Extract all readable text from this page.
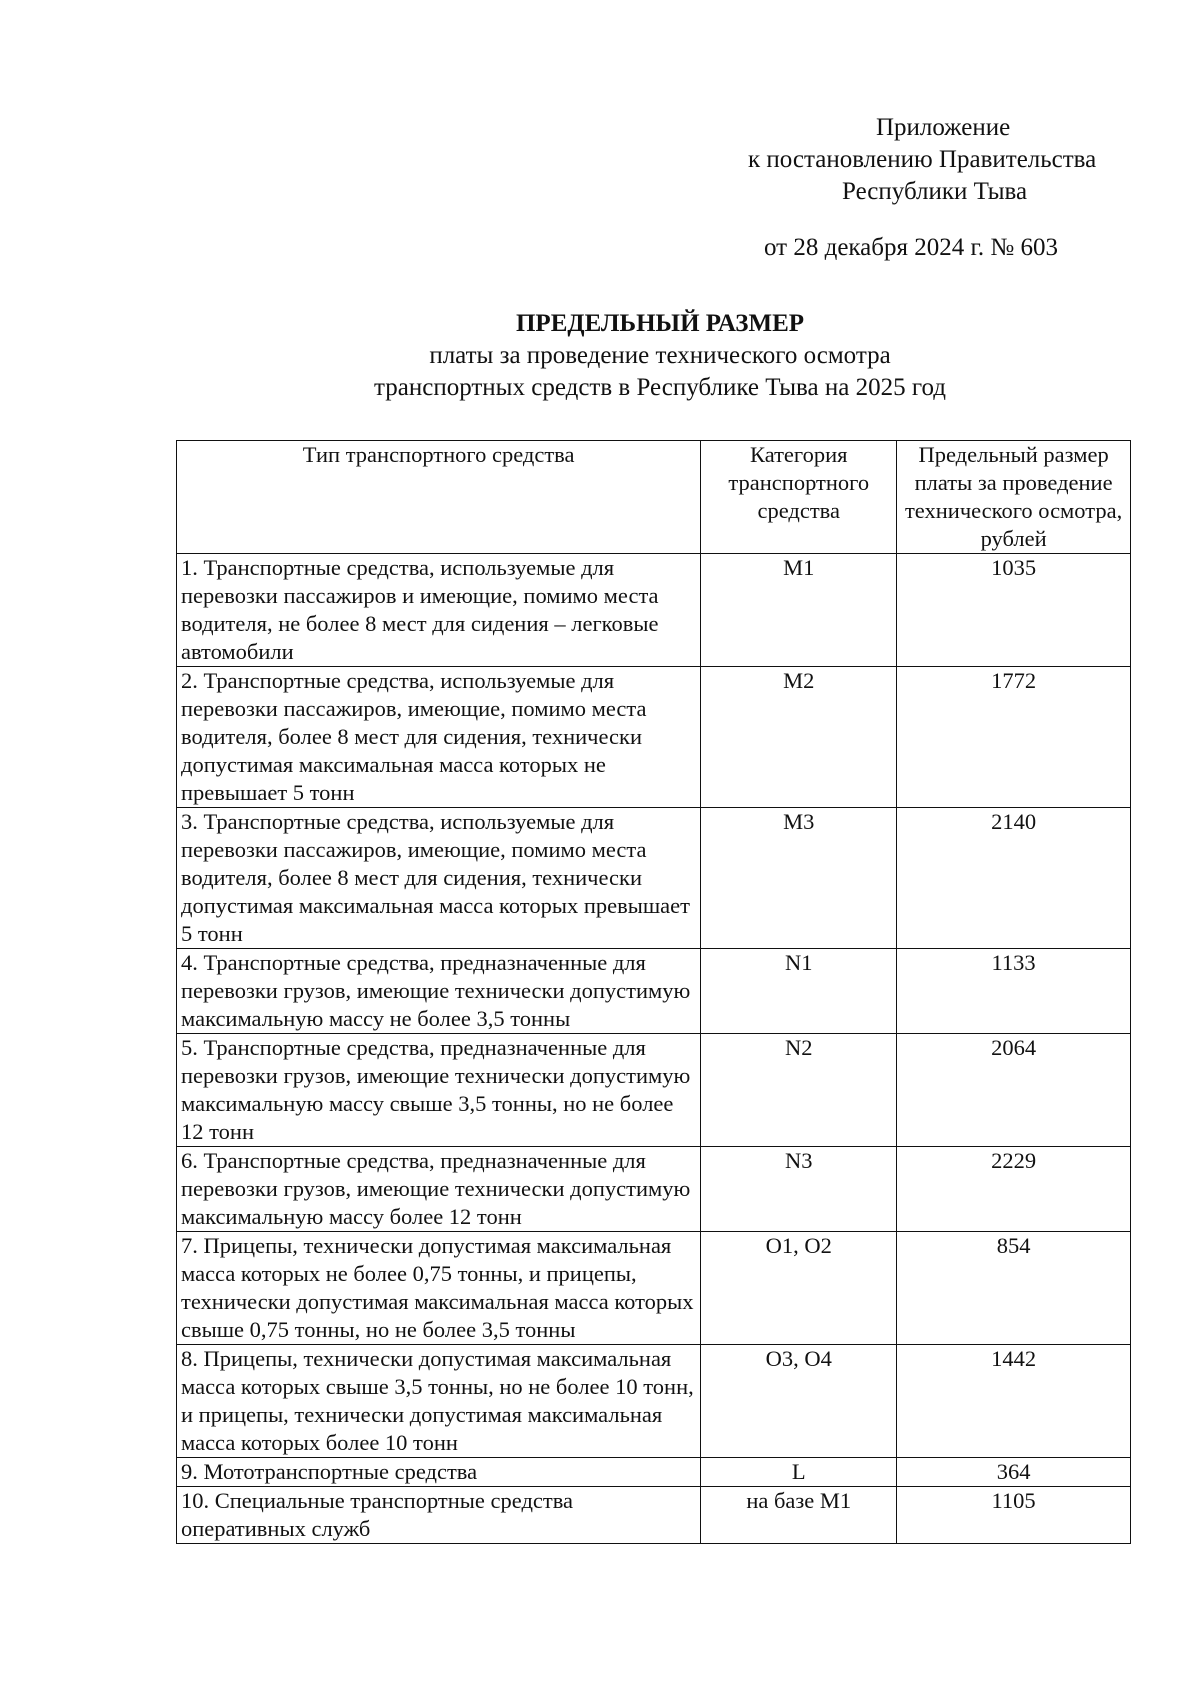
Приложение
к постановлению Правительства
Республики Тыва
от 28 декабря 2024 г. № 603
ПРЕДЕЛЬНЫЙ РАЗМЕР
платы за проведение технического осмотра
транспортных средств в Республике Тыва на 2025 год
Тип транспортного средства	Категория транспортного средства	Предельный размер платы за проведение технического осмотра, рублей
1. Транспортные средства, используемые для перевозки пассажиров и имеющие, помимо места водителя, не более 8 мест для сидения – легковые автомобили	M1	1035
2. Транспортные средства, используемые для перевозки пассажиров, имеющие, помимо места водителя, более 8 мест для сидения, технически допустимая максимальная масса которых не превышает 5 тонн	M2	1772
3. Транспортные средства, используемые для перевозки пассажиров, имеющие, помимо места водителя, более 8 мест для сидения, технически допустимая максимальная масса которых превышает 5 тонн	M3	2140
4. Транспортные средства, предназначенные для перевозки грузов, имеющие технически допустимую максимальную массу не более 3,5 тонны	N1	1133
5. Транспортные средства, предназначенные для перевозки грузов, имеющие технически допустимую максимальную массу свыше 3,5 тонны, но не более 12 тонн	N2	2064
6. Транспортные средства, предназначенные для перевозки грузов, имеющие технически допустимую максимальную массу более 12 тонн	N3	2229
7. Прицепы, технически допустимая максимальная масса которых не более 0,75 тонны, и прицепы, технически допустимая максимальная масса которых свыше 0,75 тонны, но не более 3,5 тонны	O1, O2	854
8. Прицепы, технически допустимая максимальная масса которых свыше 3,5 тонны, но не более 10 тонн, и прицепы, технически допустимая максимальная масса которых более 10 тонн	O3, O4	1442
9. Мототранспортные средства	L	364
10. Специальные транспортные средства оперативных служб	на базе M1	1105
